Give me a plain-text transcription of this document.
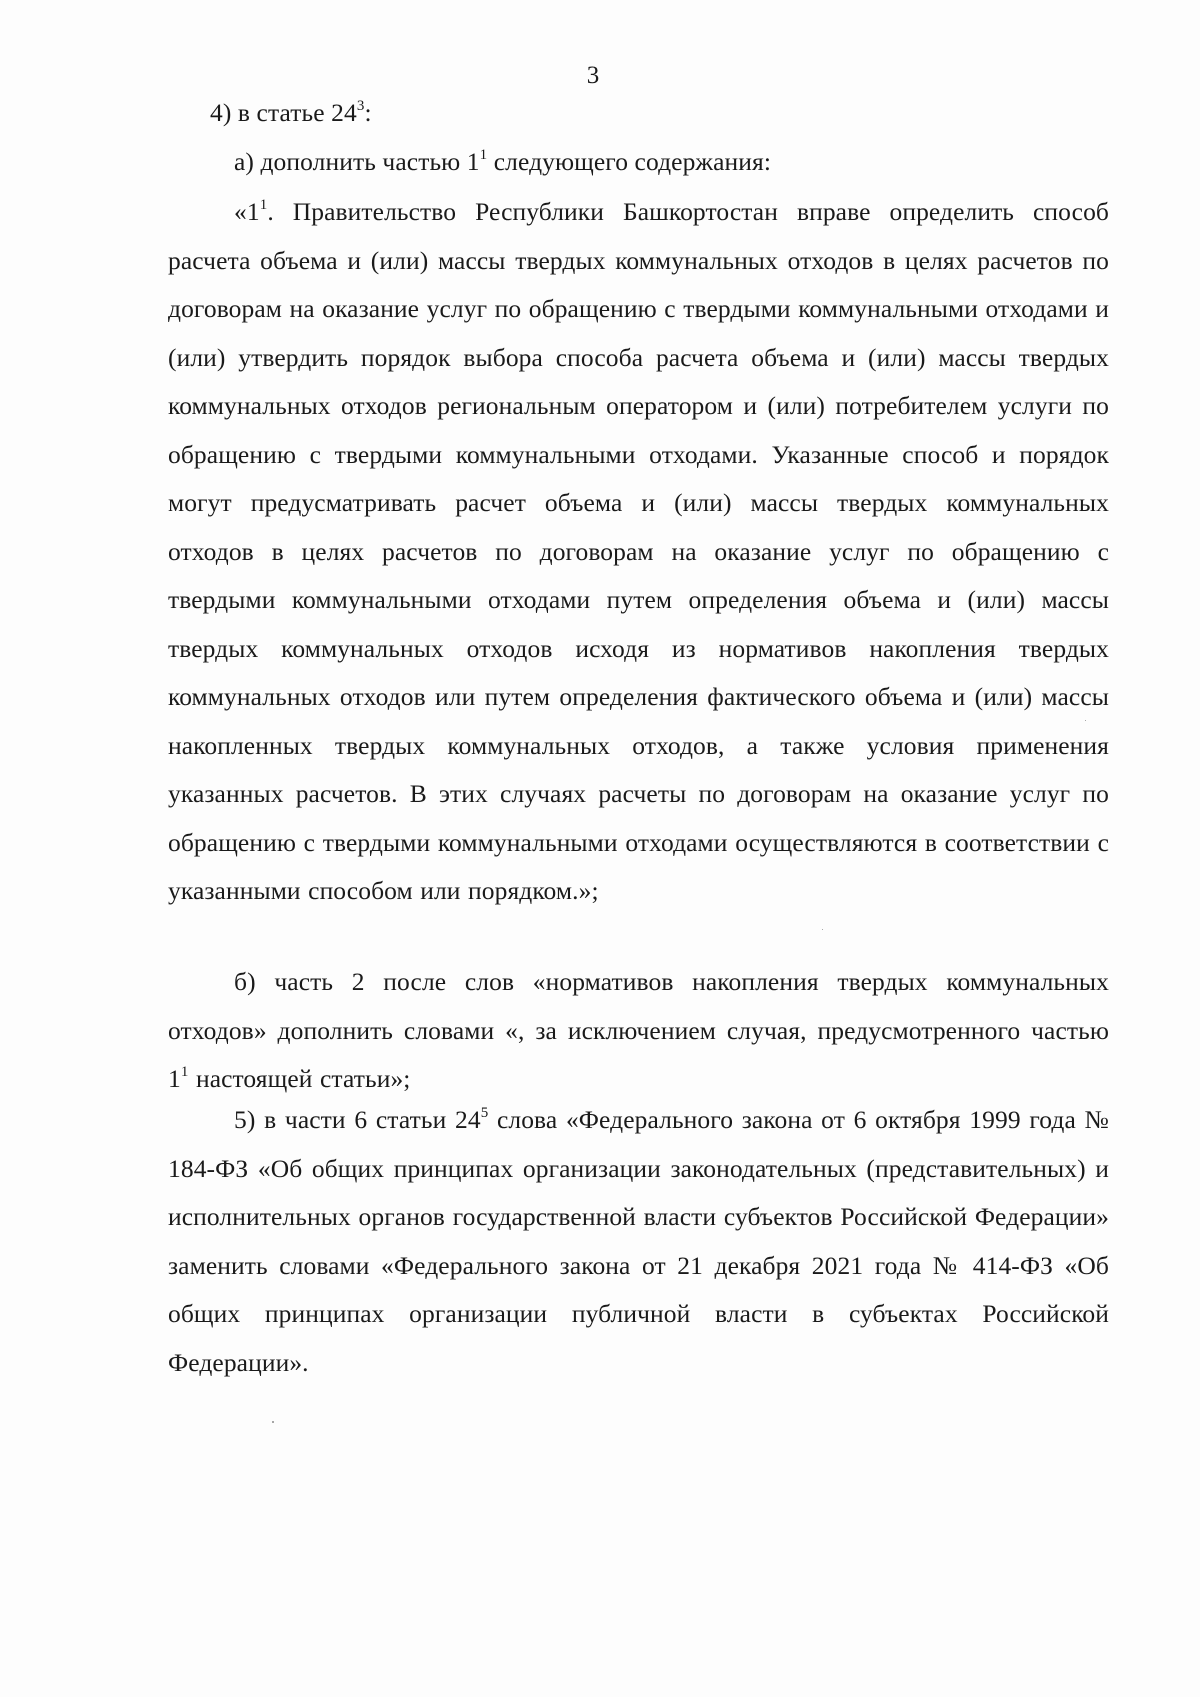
3
4) в статье $24^3$:
а) дополнить частью $1^1$ следующего содержания:
«$1^1$. Правительство Республики Башкортостан вправе определить способ расчета объема и (или) массы твердых коммунальных отходов в целях расчетов по договорам на оказание услуг по обращению с твердыми коммунальными отходами и (или) утвердить порядок выбора способа расчета объема и (или) массы твердых коммунальных отходов региональным оператором и (или) потребителем услуги по обращению с твердыми коммунальными отходами. Указанные способ и порядок могут предусматривать расчет объема и (или) массы твердых коммунальных отходов в целях расчетов по договорам на оказание услуг по обращению с твердыми коммунальными отходами путем определения объема и (или) массы твердых коммунальных отходов исходя из нормативов накопления твердых коммунальных отходов или путем определения фактического объема и (или) массы накопленных твердых коммунальных отходов, а также условия применения указанных расчетов. В этих случаях расчеты по договорам на оказание услуг по обращению с твердыми коммунальными отходами осуществляются в соответствии с указанными способом или порядком.»;
б) часть 2 после слов «нормативов накопления твердых коммунальных отходов» дополнить словами «, за исключением случая, предусмотренного частью $1^1$ настоящей статьи»;
5) в части 6 статьи $24^5$ слова «Федерального закона от 6 октября 1999 года № 184-ФЗ «Об общих принципах организации законодательных (представительных) и исполнительных органов государственной власти субъектов Российской Федерации» заменить словами «Федерального закона от 21 декабря 2021 года № 414-ФЗ «Об общих принципах организации публичной власти в субъектах Российской Федерации».
